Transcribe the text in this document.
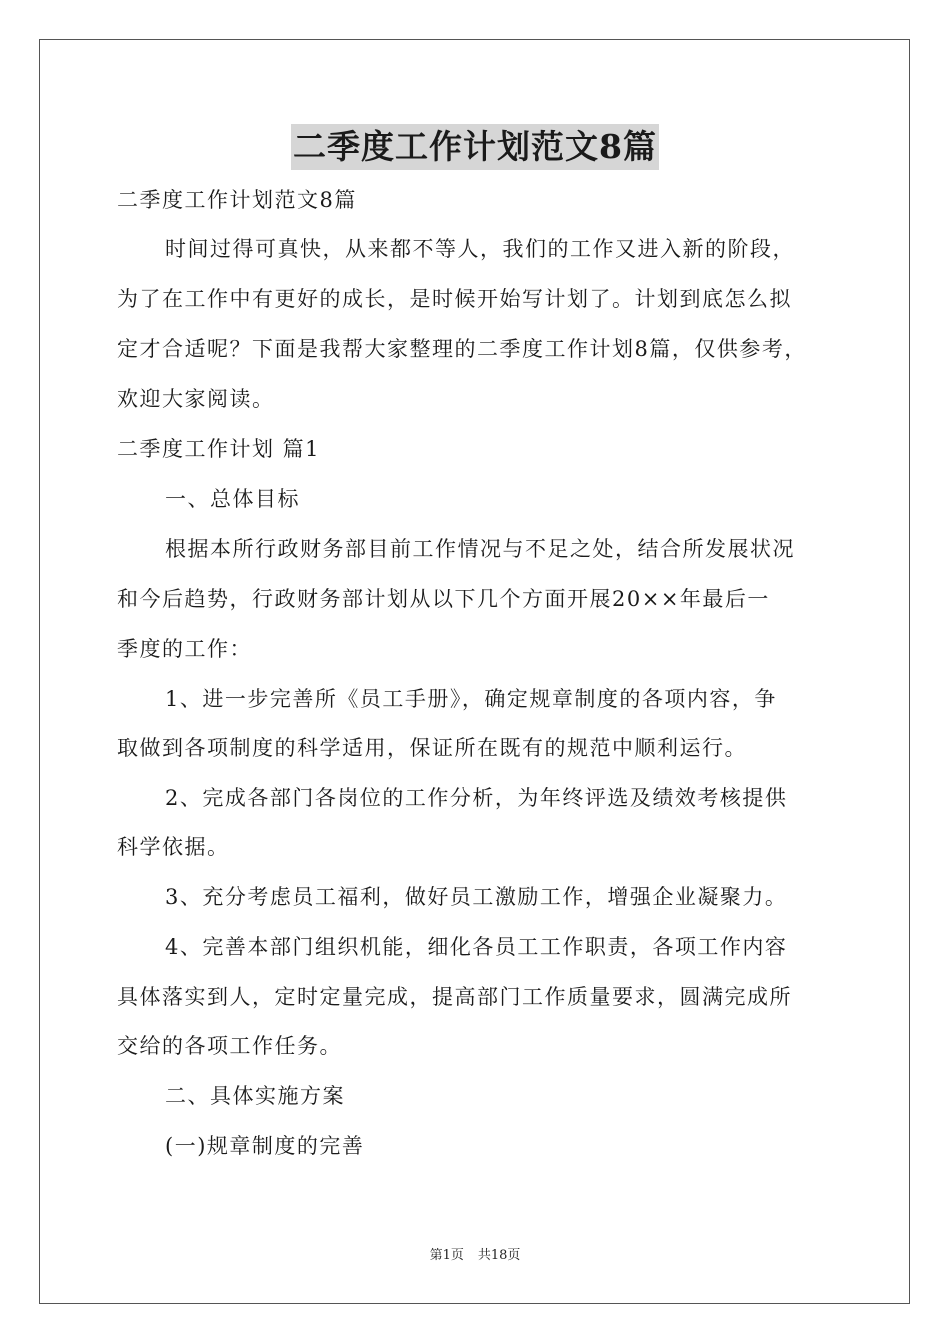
二季度工作计划范文8篇

二季度工作计划范文8篇

时间过得可真快，从来都不等人，我们的工作又进入新的阶段，

为了在工作中有更好的成长，是时候开始写计划了。计划到底怎么拟

定才合适呢？下面是我帮大家整理的二季度工作计划8篇，仅供参考，

欢迎大家阅读。

二季度工作计划 篇1

一、总体目标

根据本所行政财务部目前工作情况与不足之处，结合所发展状况

和今后趋势，行政财务部计划从以下几个方面开展20××年最后一

季度的工作：

1、进一步完善所《员工手册》，确定规章制度的各项内容，争

取做到各项制度的科学适用，保证所在既有的规范中顺利运行。

2、完成各部门各岗位的工作分析，为年终评选及绩效考核提供

科学依据。

3、充分考虑员工福利，做好员工激励工作，增强企业凝聚力。

4、完善本部门组织机能，细化各员工工作职责，各项工作内容

具体落实到人，定时定量完成，提高部门工作质量要求，圆满完成所

交给的各项工作任务。

二、具体实施方案

(一)规章制度的完善

第1页 共18页
